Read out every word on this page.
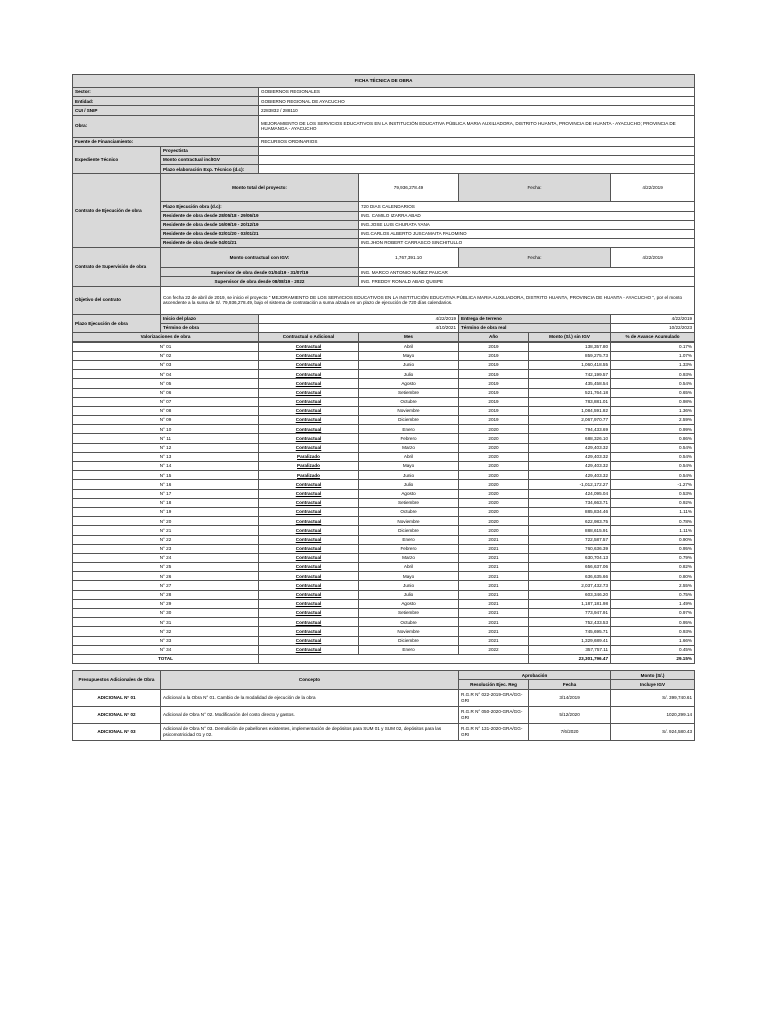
FICHA TÉCNICA DE OBRA						
Sector:		GOBIERNOS REGIONALES				
Entidad:		GOBIERNO REGIONAL DE AYACUCHO				
CUI / SNIP		2283832 / 288110				
Obra:		MEJORAMIENTO DE LOS SERVICIOS EDUCATIVOS EN LA INSTITUCIÓN EDUCATIVA PÚBLICA MARIA AUXILIADORA, DISTRITO HUANTA, PROVINCIA DE HUANTA - AYACUCHO; PROVINCIA DE HUAMANGA - AYACUCHO				
Fuente de Financiamiento:		RECURSOS ORDINARIOS				
Expediente Técnico	Proyectista					
	Monto contractual inclIGV					
	Plazo elaboración Exp. Técnico (d.c):					
Contrato de Ejecución de obra	Monto total del proyecto:		79,936,278.49	Fecha:		4/22/2019
	Plazo Ejecución obra (d.c):		720 DIAS CALENDARIOS			
	Residente de obra desde 28/05/18 - 29/06/19		ING. CAMILO IZARRA ABAD			
	Residente de obra desde 16/09/19 - 20/12/19		ING.JOSE LUIS CHURATA YANA			
	Residente de obra desde 02/01/20 - 03/01/21		ING.CARLOS ALBERTO JUSCAMAITA PALOMINO			
	Residente de obra desde 04/01/21		ING.JHON ROBERT CARRASCO SINCHITULLO			
Contrato de Supervisión de obra	Monto contractual con IGV:		1,767,391.10	Fecha:		4/22/2019
	Supervisor de obra desde 01/04/19 - 31/07/19		ING. MARCO ANTONIO NUÑEZ PAUCAR			
	Supervisor de obra desde 08/08/19 - 2022		ING. FREDDY RONALD ABAD QUISPE			
Objetivo del contrato	Con fecha 22 de abril de 2019, se inicio el proyecto " MEJORAMIENTO DE LOS SERVICIOS EDUCATIVOS EN LA INSTITUCIÓN EDUCATIVA PÚBLICA MARIA AUXILIADORA, DISTRITO HUANTA, PROVINCIA DE HUANTA - AYACUCHO ", por el monto ascendente a la suma de S/. 79,936,278.49, bajo el sistema de contratación a suma alzada en un plazo de ejecución de 720 días calendarios.					
Plazo Ejecución de obra	Inicio del plazo	4/22/2019		Entrega de terreno		4/22/2019
	Término de obra	4/10/2021		Término de obra real		10/22/2023
Valorizaciones de obra		Contractual o Adicional	Mes	Año	Monto (S/.) sin IGV	% de Avance Acumulado
N° 01	Contractual	Abril	2019	138,357.80	0.17%
N° 02	Contractual	Mayo	2019	859,275.73	1.07%
N° 03	Contractual	Junio	2019	1,060,418.55	1.33%
N° 04	Contractual	Julio	2019	742,199.57	0.93%
N° 05	Contractual	Agosto	2019	435,458.54	0.54%
N° 06	Contractual	Setiembre	2019	521,764.18	0.65%
N° 07	Contractual	Octubre	2019	783,881.01	0.98%
N° 08	Contractual	Noviembre	2019	1,084,591.82	1.36%
N° 09	Contractual	Diciembre	2019	2,067,970.77	2.59%
N° 10	Contractual	Enero	2020	794,433.69	0.99%
N° 11	Contractual	Febrero	2020	688,326.10	0.86%
N° 12	Contractual	Marzo	2020	429,403.32	0.54%
N° 13	Paralizado	Abril	2020	429,403.32	0.54%
N° 14	Paralizado	Mayo	2020	429,403.32	0.54%
N° 15	Paralizado	Junio	2020	429,403.32	0.54%
N° 16	Contractual	Julio	2020	-1,012,172.27	-1.27%
N° 17	Contractual	Agosto	2020	424,095.04	0.53%
N° 18	Contractual	Setiembre	2020	734,663.71	0.92%
N° 19	Contractual	Octubre	2020	885,834.46	1.11%
N° 20	Contractual	Noviembre	2020	622,983.75	0.78%
N° 21	Contractual	Diciembre	2020	888,615.91	1.11%
N° 22	Contractual	Enero	2021	722,587.57	0.90%
N° 23	Contractual	Febrero	2021	760,636.39	0.95%
N° 24	Contractual	Marzo	2021	630,704.13	0.79%
N° 25	Contractual	Abril	2021	656,637.06	0.82%
N° 26	Contractual	Mayo	2021	636,635.66	0.80%
N° 27	Contractual	Junio	2021	2,037,432.73	2.55%
N° 28	Contractual	Julio	2021	603,346.20	0.75%
N° 29	Contractual	Agosto	2021	1,187,181.98	1.49%
N° 30	Contractual	Setiembre	2021	773,947.91	0.97%
N° 31	Contractual	Octubre	2021	752,433.53	0.95%
N° 32	Contractual	Noviembre	2021	745,695.71	0.93%
N° 33	Contractual	Diciembre	2021	1,329,689.41	1.66%
N° 34	Contractual	Enero	2022	357,757.11	0.45%
TOTAL				23,301,796.47	29.15%
Presupuestos Adicionales de Obra	Concepto	Aprobación		Monto (S/.)
		Resolución Ejec. Reg	Fecha	Incluye IGV
ADICIONAL N° 01	Adicional a la Obra N° 01. Cambio de la modalidad de ejecución de la obra	R.G.R N° 022-2019-GRA/GG-GRI	3/14/2019	S/. 399,740.61
ADICIONAL N° 02	Adicional de Obra N° 02. Modificación del costo directo y gastos.	R.G.R N° 050-2020-GRA/GG-GRI	5/12/2020	1020,299.14
ADICIONAL N° 03	Adicional de Obra N° 03. Demolición de pabellones existentes, implementación de depósitos para SUM 01 y SUM 02, depósitos para las psicomotricidad 01 y 02.	R.G.R N° 131-2020-GRA/GG-GRI	7/6/2020	S/. 924,580.43
